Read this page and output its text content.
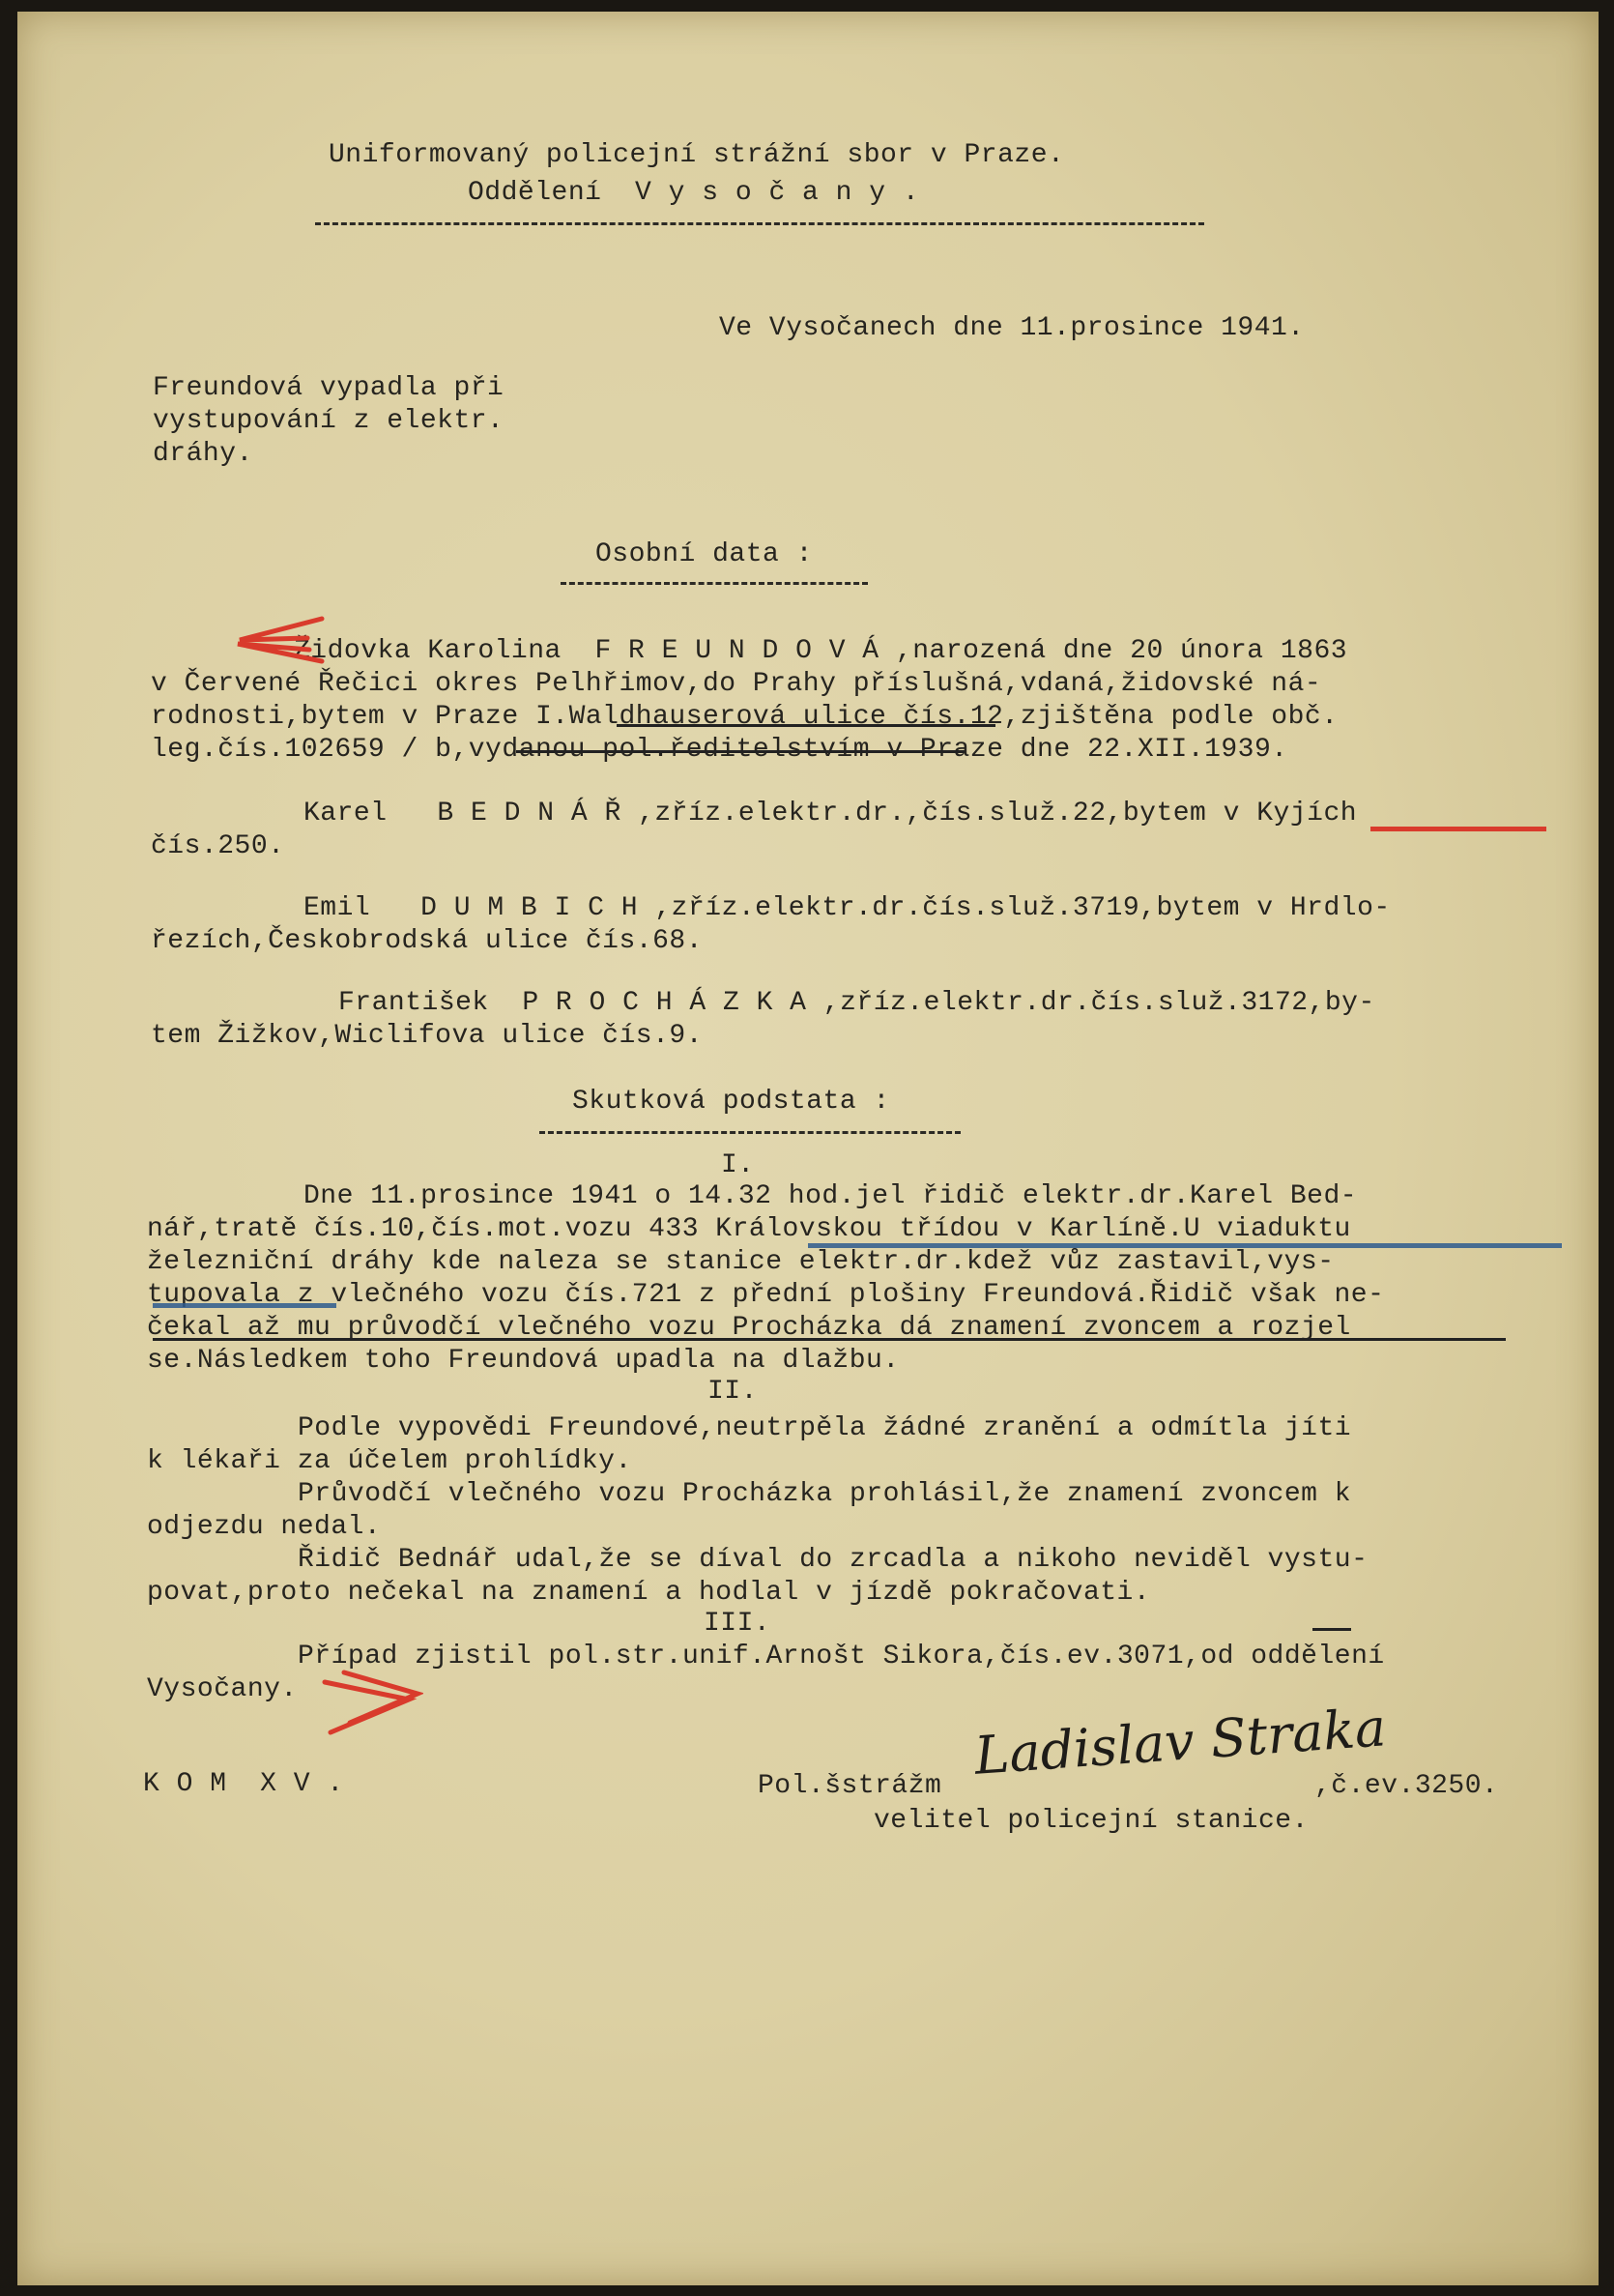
Uniformovaný policejní strážní sbor v Praze.

Oddělení  V y s o č a n y .

Ve Vysočanech dne 11.prosince 1941.

Freundová vypadla při

vystupování z elektr.

dráhy.

Osobní data :

Židovka Karolina  F R E U N D O V Á ,narozená dne 20 února 1863

v Červené Řečici okres Pelhřimov,do Prahy příslušná,vdaná,židovské ná-

rodnosti,bytem v Praze I.Waldhauserová ulice čís.12,zjištěna podle obč.

leg.čís.102659 / b,vydanou pol.ředitelstvím v Praze dne 22.XII.1939.

Karel   B E D N Á Ř ,zříz.elektr.dr.,čís.služ.22,bytem v Kyjích

čís.250.

Emil   D U M B I C H ,zříz.elektr.dr.čís.služ.3719,bytem v Hrdlo-

řezích,Českobrodská ulice čís.68.

František  P R O C H Á Z K A ,zříz.elektr.dr.čís.služ.3172,by-

tem Žižkov,Wiclifova ulice čís.9.

Skutková podstata :

I.

Dne 11.prosince 1941 o 14.32 hod.jel řidič elektr.dr.Karel Bed-

nář,tratě čís.10,čís.mot.vozu 433 Královskou třídou v Karlíně.U viaduktu

železniční dráhy kde naleza se stanice elektr.dr.kdež vůz zastavil,vys-

tupovala z vlečného vozu čís.721 z přední plošiny Freundová.Řidič však ne-

čekal až mu průvodčí vlečného vozu Procházka dá znamení zvoncem a rozjel

se.Následkem toho Freundová upadla na dlažbu.

II.

Podle vypovědi Freundové,neutrpěla žádné zranění a odmítla jíti

k lékaři za účelem prohlídky.

Průvodčí vlečného vozu Procházka prohlásil,že znamení zvoncem k

odjezdu nedal.

Řidič Bednář udal,že se díval do zrcadla a nikoho neviděl vystu-

povat,proto nečekal na znamení a hodlal v jízdě pokračovati.

III.

Případ zjistil pol.str.unif.Arnošt Sikora,čís.ev.3071,od oddělení

Vysočany.

K O M  X V .	Pol.šstrážm Ladislav Straka

,č.ev.3250.

velitel policejní stanice.
